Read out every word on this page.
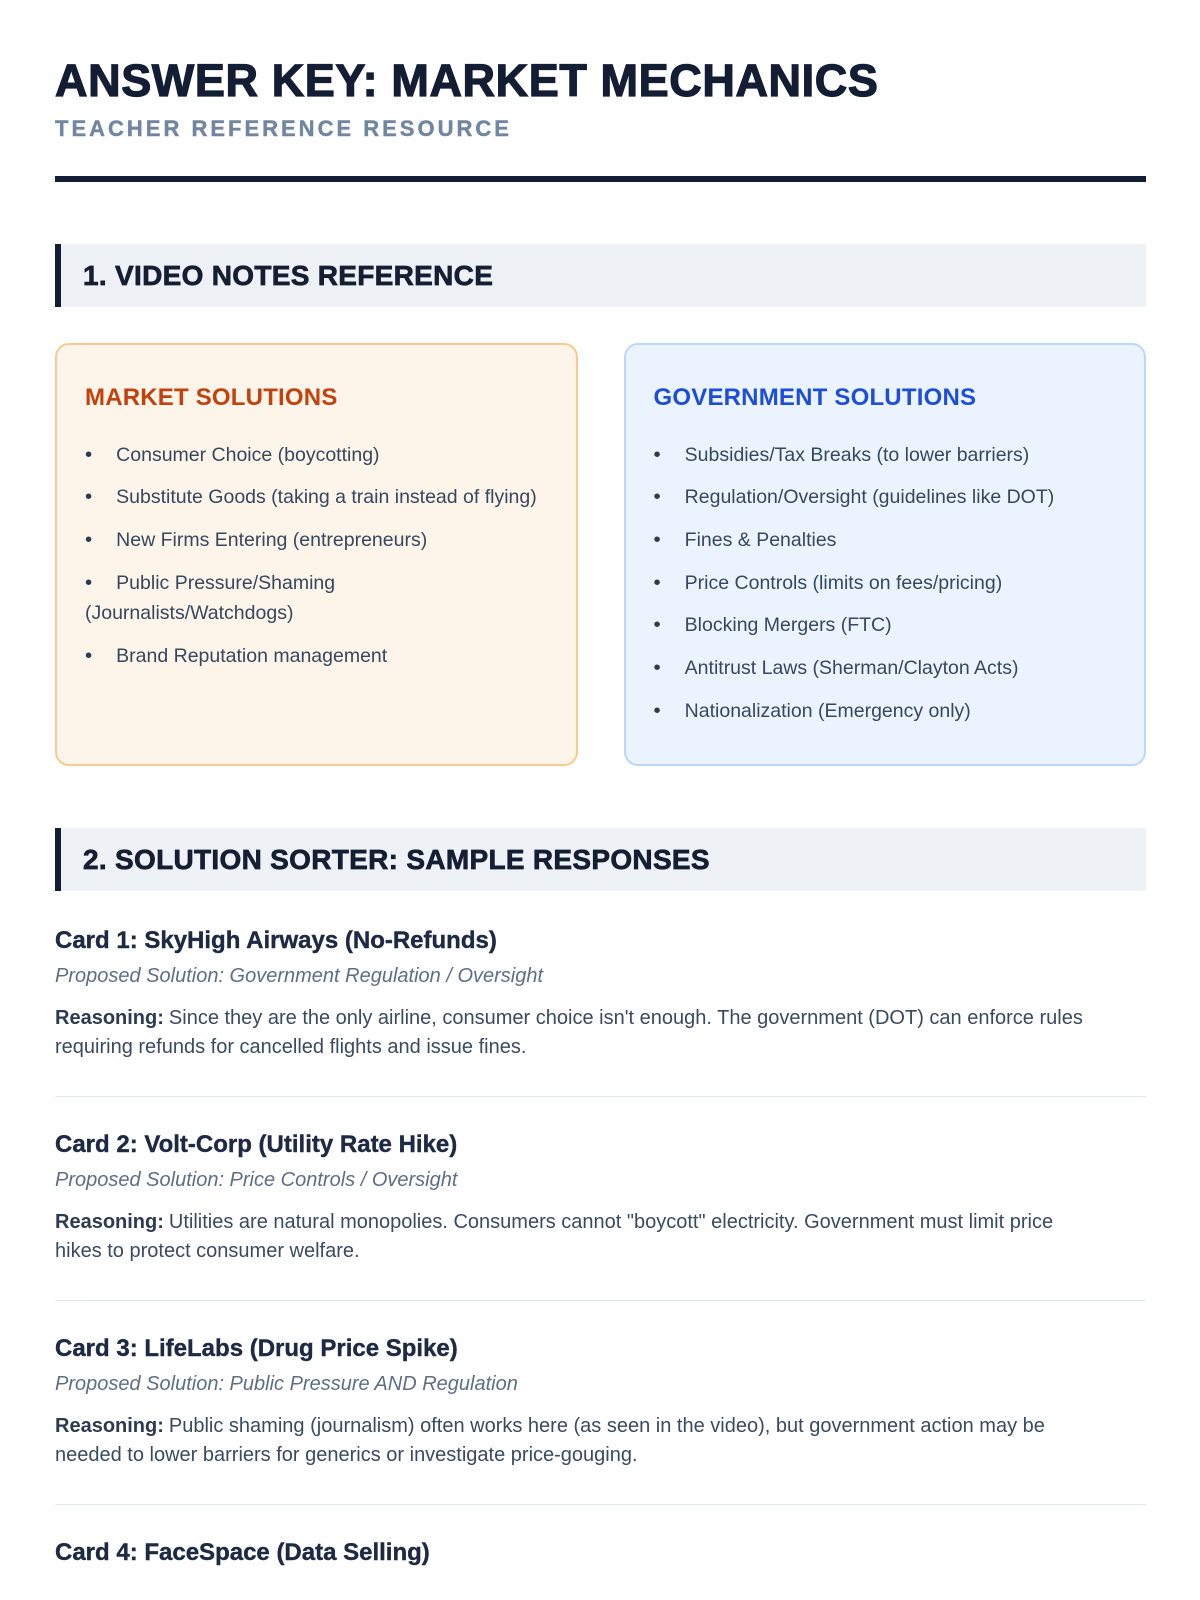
ANSWER KEY: MARKET MECHANICS
TEACHER REFERENCE RESOURCE
1. VIDEO NOTES REFERENCE
MARKET SOLUTIONS
• Consumer Choice (boycotting)
• Substitute Goods (taking a train instead of flying)
• New Firms Entering (entrepreneurs)
• Public Pressure/Shaming (Journalists/Watchdogs)
• Brand Reputation management
GOVERNMENT SOLUTIONS
• Subsidies/Tax Breaks (to lower barriers)
• Regulation/Oversight (guidelines like DOT)
• Fines & Penalties
• Price Controls (limits on fees/pricing)
• Blocking Mergers (FTC)
• Antitrust Laws (Sherman/Clayton Acts)
• Nationalization (Emergency only)
2. SOLUTION SORTER: SAMPLE RESPONSES
Card 1: SkyHigh Airways (No-Refunds)

Proposed Solution: Government Regulation / Oversight

Reasoning: Since they are the only airline, consumer choice isn't enough. The government (DOT) can enforce rules requiring refunds for cancelled flights and issue fines.

Card 2: Volt-Corp (Utility Rate Hike)

Proposed Solution: Price Controls / Oversight

Reasoning: Utilities are natural monopolies. Consumers cannot "boycott" electricity. Government must limit price hikes to protect consumer welfare.

Card 3: LifeLabs (Drug Price Spike)

Proposed Solution: Public Pressure AND Regulation

Reasoning: Public shaming (journalism) often works here (as seen in the video), but government action may be needed to lower barriers for generics or investigate price-gouging.

Card 4: FaceSpace (Data Selling)
